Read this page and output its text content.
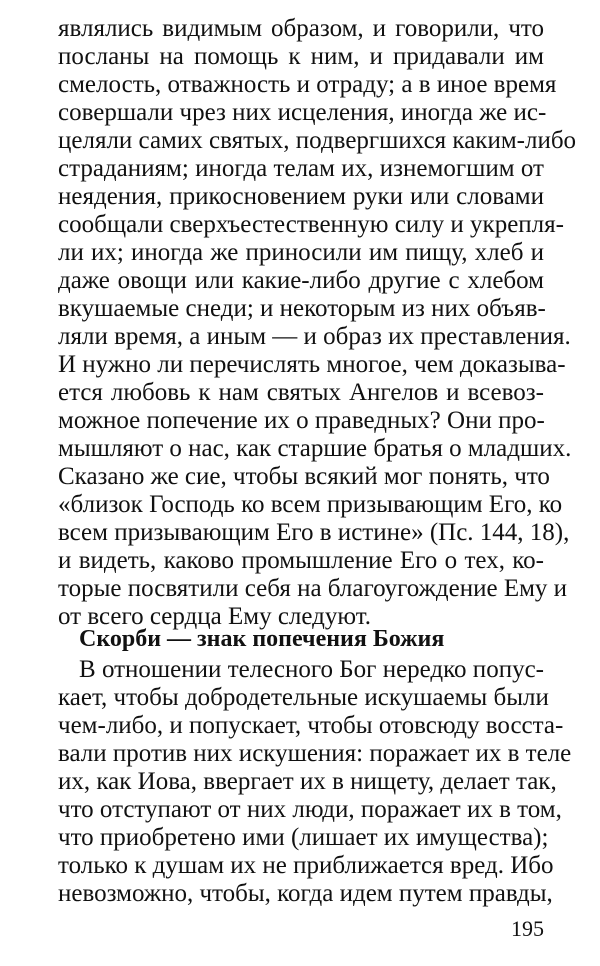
являлись видимым образом, и говорили, что
посланы на помощь к ним, и придавали им
смелость, отважность и отраду; а в иное время
совершали чрез них исцеления, иногда же ис-
целяли самих святых, подвергшихся каким-либо
страданиям; иногда телам их, изнемогшим от
неядения, прикосновением руки или словами
сообщали сверхъестественную силу и укрепля-
ли их; иногда же приносили им пищу, хлеб и
даже овощи или какие-либо другие с хлебом
вкушаемые снеди; и некоторым из них объяв-
ляли время, а иным — и образ их преставления.
И нужно ли перечислять многое, чем доказыва-
ется любовь к нам святых Ангелов и всевоз-
можное попечение их о праведных? Они про-
мышляют о нас, как старшие братья о младших.
Сказано же сие, чтобы всякий мог понять, что
«близок Господь ко всем призывающим Его, ко
всем призывающим Его в истине» (Пс. 144, 18),
и видеть, каково промышление Его о тех, ко-
торые посвятили себя на благоугождение Ему и
от всего сердца Ему следуют.
Скорби — знак попечения Божия
В отношении телесного Бог нередко попус-
кает, чтобы добродетельные искушаемы были
чем-либо, и попускает, чтобы отовсюду восста-
вали против них искушения: поражает их в теле
их, как Иова, ввергает их в нищету, делает так,
что отступают от них люди, поражает их в том,
что приобретено ими (лишает их имущества);
только к душам их не приближается вред. Ибо
невозможно, чтобы, когда идем путем правды,
195
